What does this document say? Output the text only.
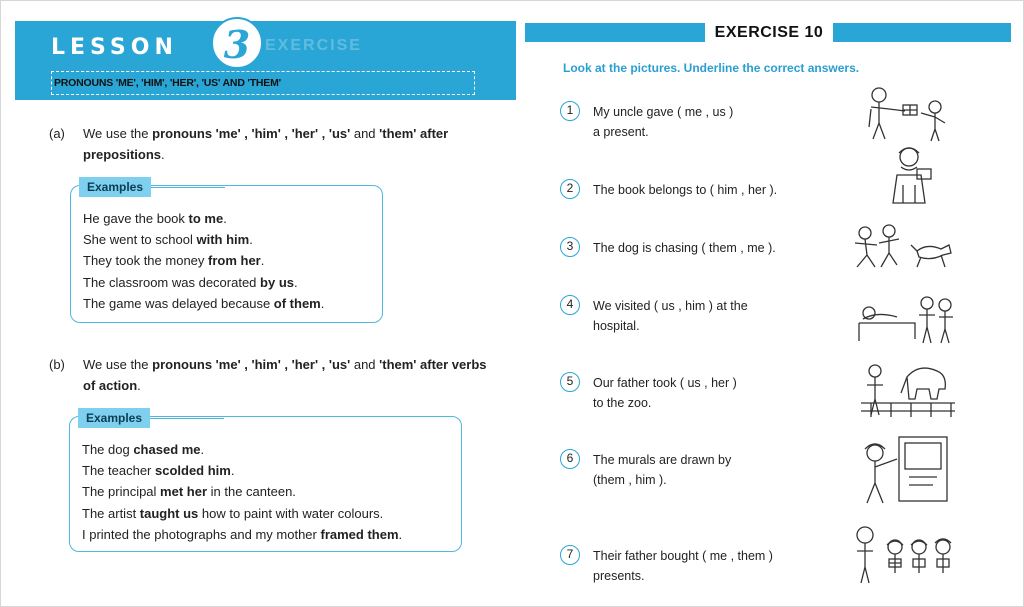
LESSON	3 EXERCISE
PRONOUNS 'ME', 'HIM', 'HER', 'US' AND 'THEM'
(a) We use the pronouns 'me' , 'him' , 'her' , 'us' and 'them' after prepositions.
Examples
He gave the book to me.
She went to school with him.
They took the money from her.
The classroom was decorated by us.
The game was delayed because of them.
(b) We use the pronouns 'me' , 'him' , 'her' , 'us' and 'them' after verbs of action.
Examples
The dog chased me.
The teacher scolded him.
The principal met her in the canteen.
The artist taught us how to paint with water colours.
I printed the photographs and my mother framed them.
EXERCISE 10
Look at the pictures. Underline the correct answers.
1	My uncle gave ( me , us )
a present.
2	The book belongs to ( him , her ).
3	The dog is chasing ( them , me ).
4	We visited ( us , him ) at the
hospital.
5	Our father took ( us , her )
to the zoo.
6	The murals are drawn by
(them , him ).
7	Their father bought ( me , them )
presents.
